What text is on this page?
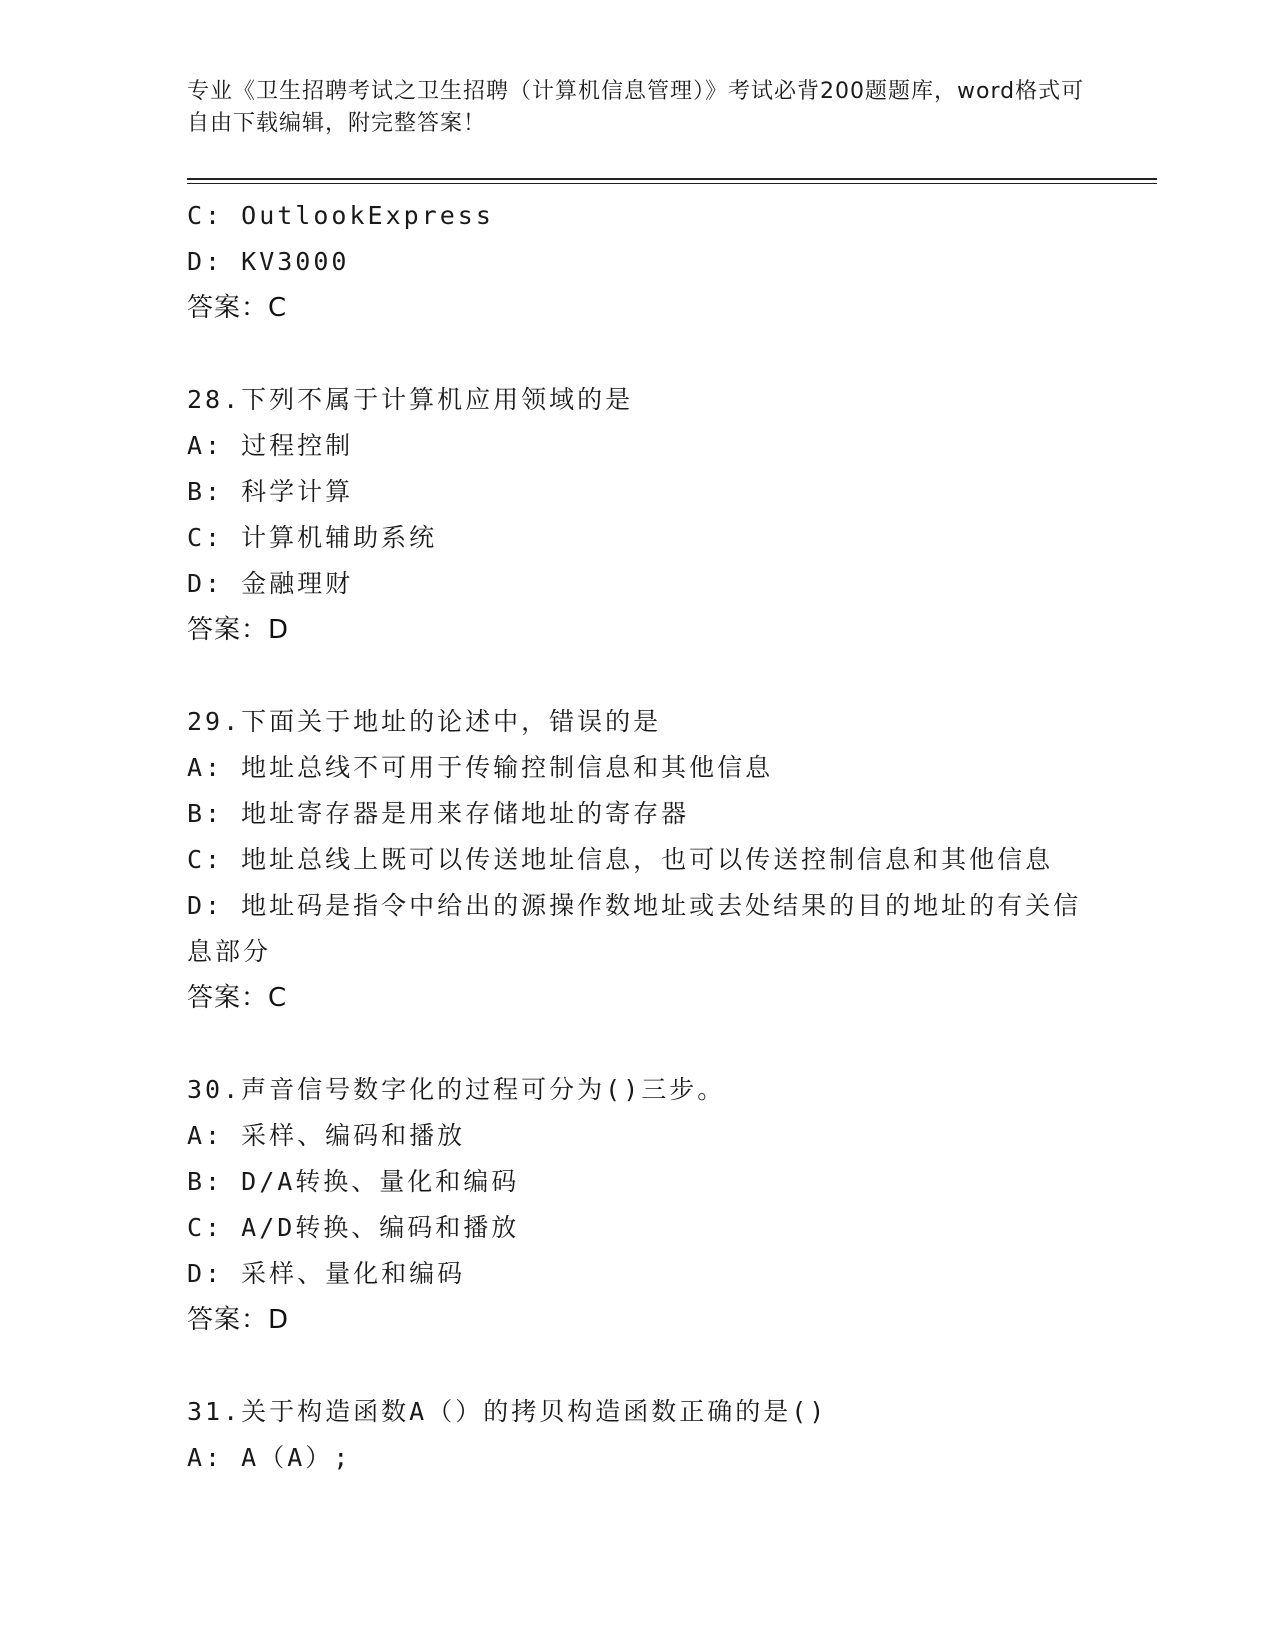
专业《卫生招聘考试之卫生招聘（计算机信息管理）》考试必背200题题库，word格式可自由下载编辑，附完整答案！
C: OutlookExpress
D: KV3000
答案：C
28.下列不属于计算机应用领域的是
A: 过程控制
B: 科学计算
C: 计算机辅助系统
D: 金融理财
答案：D
29.下面关于地址的论述中，错误的是
A: 地址总线不可用于传输控制信息和其他信息
B: 地址寄存器是用来存储地址的寄存器
C: 地址总线上既可以传送地址信息，也可以传送控制信息和其他信息
D: 地址码是指令中给出的源操作数地址或去处结果的目的地址的有关信息部分
答案：C
30.声音信号数字化的过程可分为()三步。
A: 采样、编码和播放
B: D/A转换、量化和编码
C: A/D转换、编码和播放
D: 采样、量化和编码
答案：D
31.关于构造函数A（）的拷贝构造函数正确的是()
A: A（A）;
